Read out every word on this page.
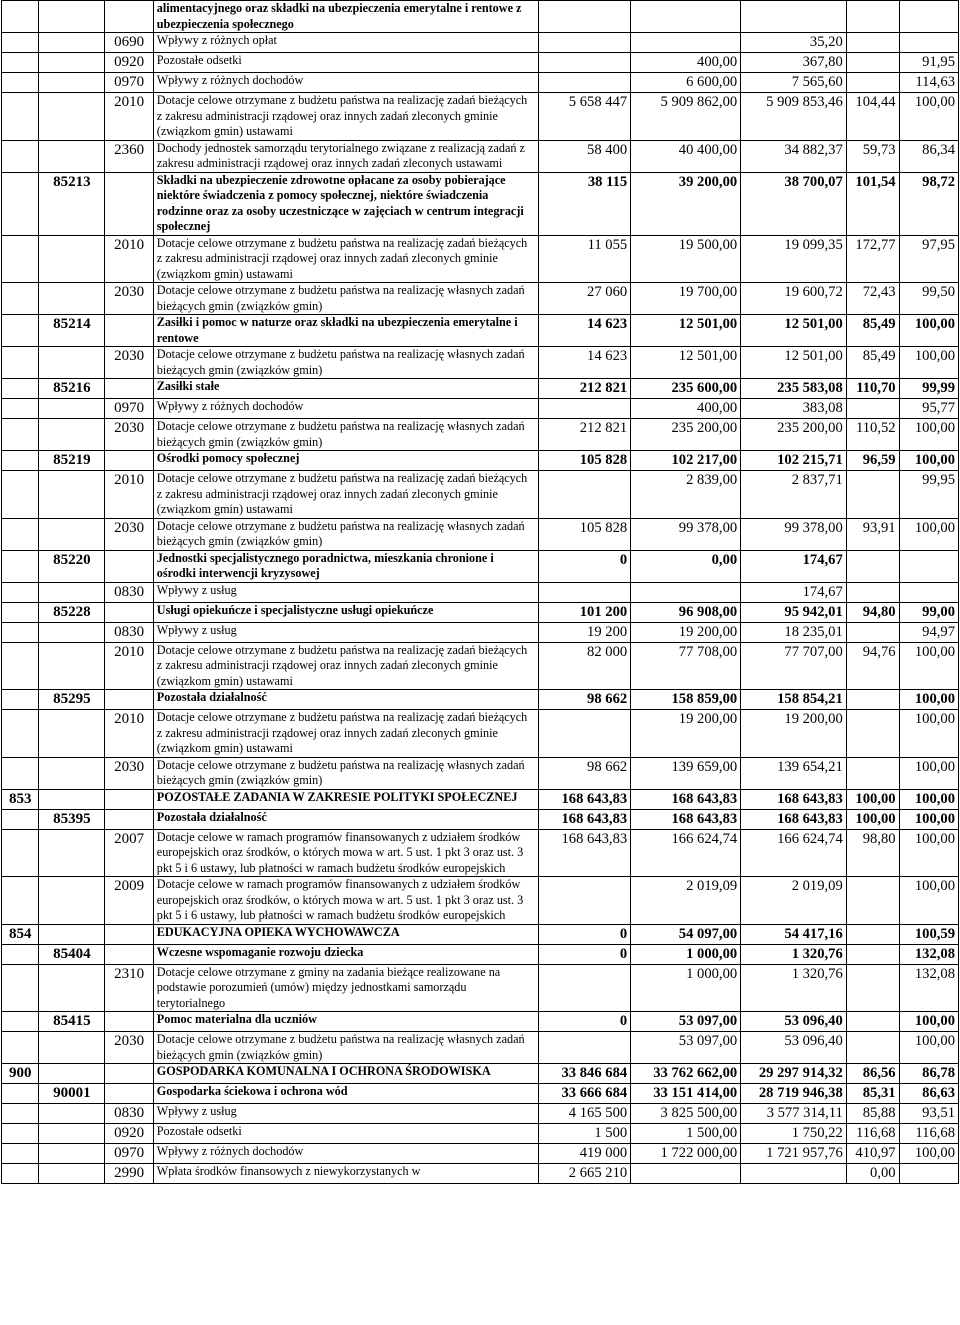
			alimentacyjnego oraz składki na ubezpieczenia emerytalne i rentowe z ubezpieczenia społecznego					
		0690	Wpływy z różnych opłat			35,20		
		0920	Pozostałe odsetki		400,00	367,80		91,95
		0970	Wpływy z różnych dochodów		6 600,00	7 565,60		114,63
		2010	Dotacje celowe otrzymane z budżetu państwa na realizację zadań bieżących z zakresu administracji rządowej oraz innych zadań zleconych gminie (związkom gmin) ustawami	5 658 447	5 909 862,00	5 909 853,46	104,44	100,00
		2360	Dochody jednostek samorządu terytorialnego związane z realizacją zadań z zakresu administracji rządowej oraz innych zadań zleconych ustawami	58 400	40 400,00	34 882,37	59,73	86,34
	85213		Składki na ubezpieczenie zdrowotne opłacane za osoby pobierające niektóre świadczenia z pomocy społecznej, niektóre świadczenia rodzinne oraz za osoby uczestniczące w zajęciach w centrum integracji społecznej	38 115	39 200,00	38 700,07	101,54	98,72
		2010	Dotacje celowe otrzymane z budżetu państwa na realizację zadań bieżących z zakresu administracji rządowej oraz innych zadań zleconych gminie (związkom gmin) ustawami	11 055	19 500,00	19 099,35	172,77	97,95
		2030	Dotacje celowe otrzymane z budżetu państwa na realizację własnych zadań bieżących gmin (związków gmin)	27 060	19 700,00	19 600,72	72,43	99,50
	85214		Zasiłki i pomoc w naturze oraz składki na ubezpieczenia emerytalne i rentowe	14 623	12 501,00	12 501,00	85,49	100,00
		2030	Dotacje celowe otrzymane z budżetu państwa na realizację własnych zadań bieżących gmin (związków gmin)	14 623	12 501,00	12 501,00	85,49	100,00
	85216		Zasiłki stałe	212 821	235 600,00	235 583,08	110,70	99,99
		0970	Wpływy z różnych dochodów		400,00	383,08		95,77
		2030	Dotacje celowe otrzymane z budżetu państwa na realizację własnych zadań bieżących gmin (związków gmin)	212 821	235 200,00	235 200,00	110,52	100,00
	85219		Ośrodki pomocy społecznej	105 828	102 217,00	102 215,71	96,59	100,00
		2010	Dotacje celowe otrzymane z budżetu państwa na realizację zadań bieżących z zakresu administracji rządowej oraz innych zadań zleconych gminie (związkom gmin) ustawami		2 839,00	2 837,71		99,95
		2030	Dotacje celowe otrzymane z budżetu państwa na realizację własnych zadań bieżących gmin (związków gmin)	105 828	99 378,00	99 378,00	93,91	100,00
	85220		Jednostki specjalistycznego poradnictwa, mieszkania chronione i ośrodki interwencji kryzysowej	0	0,00	174,67		
		0830	Wpływy z usług			174,67		
	85228		Usługi opiekuńcze i specjalistyczne usługi opiekuńcze	101 200	96 908,00	95 942,01	94,80	99,00
		0830	Wpływy z usług	19 200	19 200,00	18 235,01		94,97
		2010	Dotacje celowe otrzymane z budżetu państwa na realizację zadań bieżących z zakresu administracji rządowej oraz innych zadań zleconych gminie (związkom gmin) ustawami	82 000	77 708,00	77 707,00	94,76	100,00
	85295		Pozostała działalność	98 662	158 859,00	158 854,21		100,00
		2010	Dotacje celowe otrzymane z budżetu państwa na realizację zadań bieżących z zakresu administracji rządowej oraz innych zadań zleconych gminie (związkom gmin) ustawami		19 200,00	19 200,00		100,00
		2030	Dotacje celowe otrzymane z budżetu państwa na realizację własnych zadań bieżących gmin (związków gmin)	98 662	139 659,00	139 654,21		100,00
853			POZOSTAŁE ZADANIA W ZAKRESIE POLITYKI SPOŁECZNEJ	168 643,83	168 643,83	168 643,83	100,00	100,00
	85395		Pozostała działalność	168 643,83	168 643,83	168 643,83	100,00	100,00
		2007	Dotacje celowe w ramach programów finansowanych z udziałem środków europejskich oraz środków, o których mowa w art. 5 ust. 1 pkt 3 oraz ust. 3 pkt 5 i 6 ustawy, lub płatności w ramach budżetu środków europejskich	168 643,83	166 624,74	166 624,74	98,80	100,00
		2009	Dotacje celowe w ramach programów finansowanych z udziałem środków europejskich oraz środków, o których mowa w art. 5 ust. 1 pkt 3 oraz ust. 3 pkt 5 i 6 ustawy, lub płatności w ramach budżetu środków europejskich		2 019,09	2 019,09		100,00
854			EDUKACYJNA OPIEKA WYCHOWAWCZA	0	54 097,00	54 417,16		100,59
	85404		Wczesne wspomaganie rozwoju dziecka	0	1 000,00	1 320,76		132,08
		2310	Dotacje celowe otrzymane z gminy na zadania bieżące realizowane na podstawie porozumień (umów) między jednostkami samorządu terytorialnego		1 000,00	1 320,76		132,08
	85415		Pomoc materialna dla uczniów	0	53 097,00	53 096,40		100,00
		2030	Dotacje celowe otrzymane z budżetu państwa na realizację własnych zadań bieżących gmin (związków gmin)		53 097,00	53 096,40		100,00
900			GOSPODARKA KOMUNALNA I OCHRONA ŚRODOWISKA	33 846 684	33 762 662,00	29 297 914,32	86,56	86,78
	90001		Gospodarka ściekowa i ochrona wód	33 666 684	33 151 414,00	28 719 946,38	85,31	86,63
		0830	Wpływy z usług	4 165 500	3 825 500,00	3 577 314,11	85,88	93,51
		0920	Pozostałe odsetki	1 500	1 500,00	1 750,22	116,68	116,68
		0970	Wpływy z różnych dochodów	419 000	1 722 000,00	1 721 957,76	410,97	100,00
		2990	Wpłata środków finansowych z niewykorzystanych w	2 665 210			0,00	
